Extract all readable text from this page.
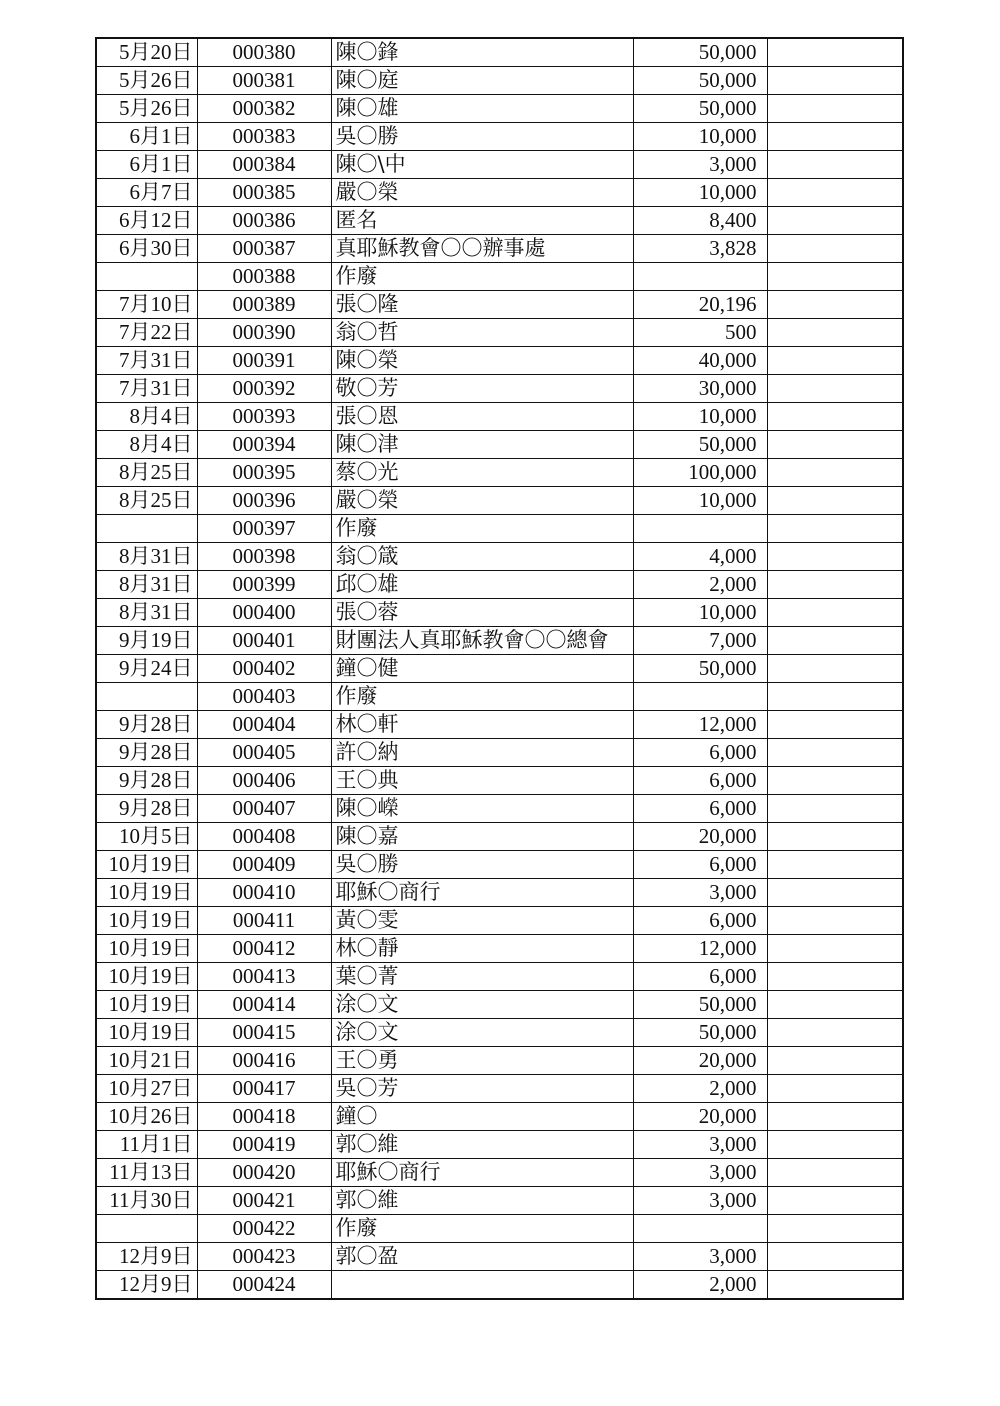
5月20日	000380	陳〇鋒	50,000	
5月26日	000381	陳〇庭	50,000	
5月26日	000382	陳〇雄	50,000	
6月1日	000383	吳〇勝	10,000	
6月1日	000384	陳〇\中	3,000	
6月7日	000385	嚴〇榮	10,000	
6月12日	000386	匿名	8,400	
6月30日	000387	真耶穌教會〇〇辦事處	3,828	
	000388	作廢		
7月10日	000389	張〇隆	20,196	
7月22日	000390	翁〇哲	500	
7月31日	000391	陳〇榮	40,000	
7月31日	000392	敬〇芳	30,000	
8月4日	000393	張〇恩	10,000	
8月4日	000394	陳〇津	50,000	
8月25日	000395	蔡〇光	100,000	
8月25日	000396	嚴〇榮	10,000	
	000397	作廢		
8月31日	000398	翁〇箴	4,000	
8月31日	000399	邱〇雄	2,000	
8月31日	000400	張〇蓉	10,000	
9月19日	000401	財團法人真耶穌教會〇〇總會	7,000	
9月24日	000402	鐘〇健	50,000	
	000403	作廢		
9月28日	000404	林〇軒	12,000	
9月28日	000405	許〇納	6,000	
9月28日	000406	王〇典	6,000	
9月28日	000407	陳〇嶸	6,000	
10月5日	000408	陳〇嘉	20,000	
10月19日	000409	吳〇勝	6,000	
10月19日	000410	耶穌〇商行	3,000	
10月19日	000411	黃〇雯	6,000	
10月19日	000412	林〇靜	12,000	
10月19日	000413	葉〇菁	6,000	
10月19日	000414	涂〇文	50,000	
10月19日	000415	涂〇文	50,000	
10月21日	000416	王〇勇	20,000	
10月27日	000417	吳〇芳	2,000	
10月26日	000418	鐘〇	20,000	
11月1日	000419	郭〇維	3,000	
11月13日	000420	耶穌〇商行	3,000	
11月30日	000421	郭〇維	3,000	
	000422	作廢		
12月9日	000423	郭〇盈	3,000	
12月9日	000424		2,000	
